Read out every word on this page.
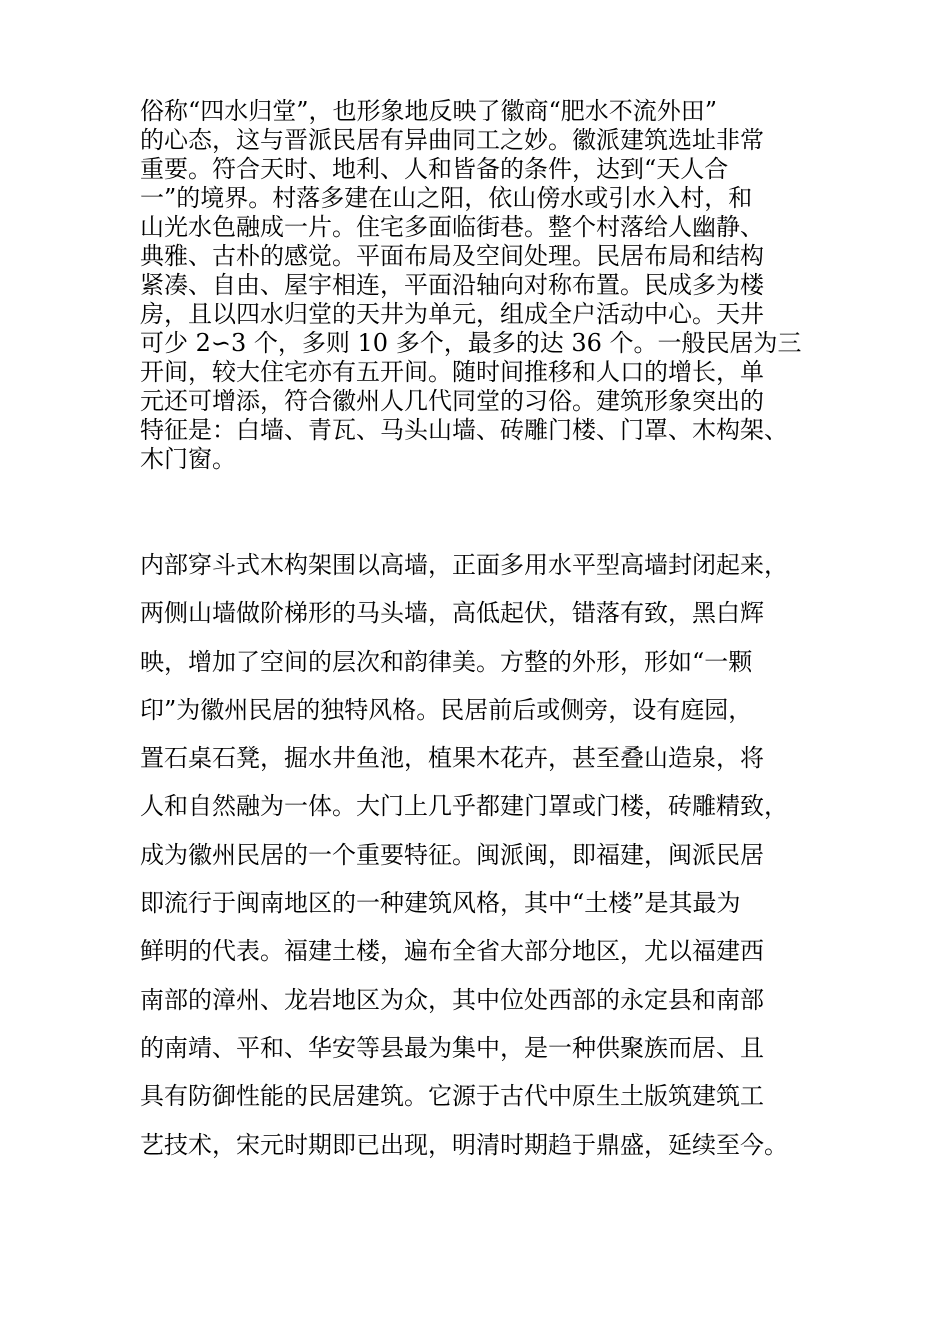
俗称“四水归堂”，也形象地反映了徽商“肥水不流外田”
的心态，这与晋派民居有异曲同工之妙。徽派建筑选址非常
重要。符合天时、地利、人和皆备的条件，达到“天人合
一”的境界。村落多建在山之阳，依山傍水或引水入村，和
山光水色融成一片。住宅多面临街巷。整个村落给人幽静、
典雅、古朴的感觉。平面布局及空间处理。民居布局和结构
紧凑、自由、屋宇相连，平面沿轴向对称布置。民成多为楼
房，且以四水归堂的天井为单元，组成全户活动中心。天井
可少 2∽3 个，多则 10 多个，最多的达 36 个。一般民居为三
开间，较大住宅亦有五开间。随时间推移和人口的增长，单
元还可增添，符合徽州人几代同堂的习俗。建筑形象突出的
特征是：白墙、青瓦、马头山墙、砖雕门楼、门罩、木构架、
木门窗。

内部穿斗式木构架围以高墙，正面多用水平型高墙封闭起来，
两侧山墙做阶梯形的马头墙，高低起伏，错落有致，黑白辉
映，增加了空间的层次和韵律美。方整的外形，形如“一颗
印”为徽州民居的独特风格。民居前后或侧旁，设有庭园，
置石桌石凳，掘水井鱼池，植果木花卉，甚至叠山造泉，将
人和自然融为一体。大门上几乎都建门罩或门楼，砖雕精致，
成为徽州民居的一个重要特征。闽派闽，即福建，闽派民居
即流行于闽南地区的一种建筑风格，其中“土楼”是其最为
鲜明的代表。福建土楼，遍布全省大部分地区，尤以福建西
南部的漳州、龙岩地区为众，其中位处西部的永定县和南部
的南靖、平和、华安等县最为集中，是一种供聚族而居、且
具有防御性能的民居建筑。它源于古代中原生土版筑建筑工
艺技术，宋元时期即已出现，明清时期趋于鼎盛，延续至今。
